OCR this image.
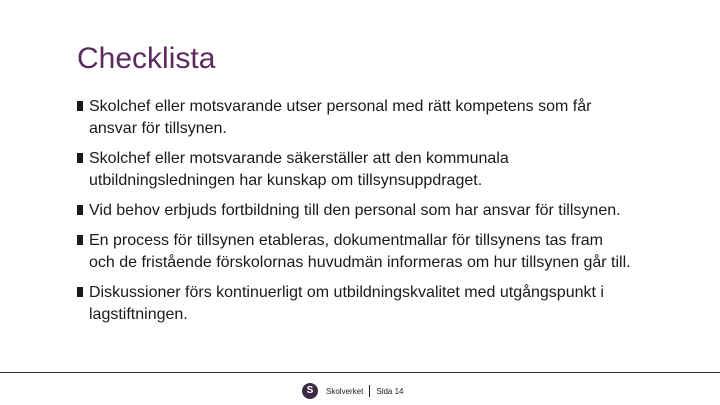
Checklista
Skolchef eller motsvarande utser personal med rätt kompetens som får
ansvar för tillsynen.
Skolchef eller motsvarande säkerställer att den kommunala
utbildningsledningen har kunskap om tillsynsuppdraget.
Vid behov erbjuds fortbildning till den personal som har ansvar för tillsynen.
En process för tillsynen etableras, dokumentmallar för tillsynens tas fram
och de fristående förskolornas huvudmän informeras om hur tillsynen går till.
Diskussioner förs kontinuerligt om utbildningskvalitet med utgångspunkt i
lagstiftningen.
S	Skolverket Sida 14
